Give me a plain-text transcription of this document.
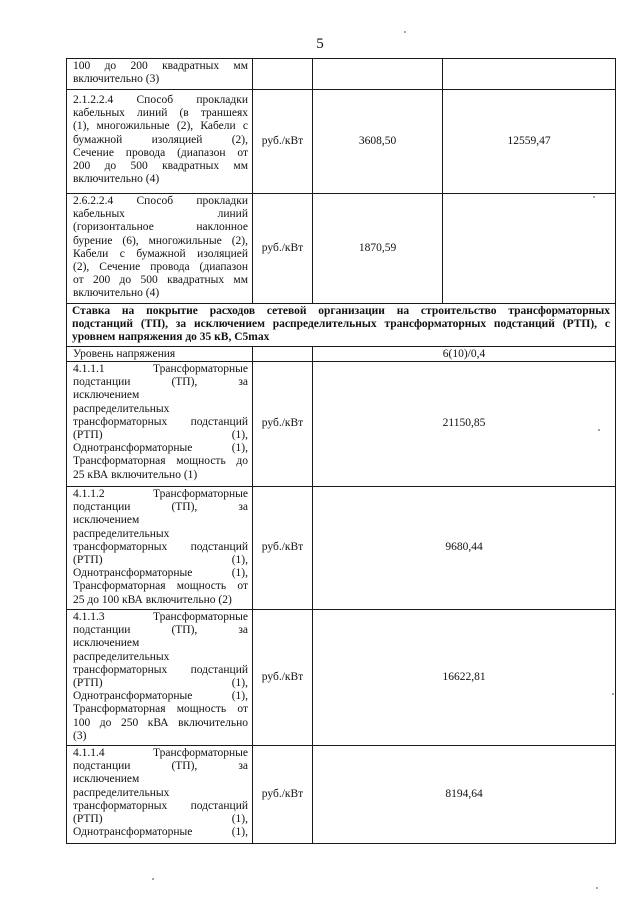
5
100 до 200 квадратных мм
включительно (3)
2.1.2.2.4 Способ прокладки
кабельных линий (в траншеях
(1), многожильные (2), Кабели с
бумажной изоляцией (2),
Сечение провода (диапазон от
200 до 500 квадратных мм
включительно (4)
руб./кВт	3608,50	12559,47
2.6.2.2.4 Способ прокладки
кабельных линий
(горизонтальное наклонное
бурение (6), многожильные (2),
Кабели с бумажной изоляцией
(2), Сечение провода (диапазон
от 200 до 500 квадратных мм
включительно (4)
руб./кВт	1870,59
Ставка на покрытие расходов сетевой организации на строительство трансформаторных
подстанций (ТП), за исключением распределительных трансформаторных подстанций (РТП), с
уровнем напряжения до 35 кВ, C5max
Уровень напряжения	6(10)/0,4
4.1.1.1 Трансформаторные
подстанции (ТП), за
исключением
распределительных
трансформаторных подстанций
(РТП) (1),
Однотрансформаторные (1),
Трансформаторная мощность до
25 кВА включительно (1)
руб./кВт	21150,85
4.1.1.2 Трансформаторные
подстанции (ТП), за
исключением
распределительных
трансформаторных подстанций
(РТП) (1),
Однотрансформаторные (1),
Трансформаторная мощность от
25 до 100 кВА включительно (2)
руб./кВт	9680,44
4.1.1.3 Трансформаторные
подстанции (ТП), за
исключением
распределительных
трансформаторных подстанций
(РТП) (1),
Однотрансформаторные (1),
Трансформаторная мощность от
100 до 250 кВА включительно
(3)
руб./кВт	16622,81
4.1.1.4 Трансформаторные
подстанции (ТП), за
исключением
распределительных
трансформаторных подстанций
(РТП) (1),
Однотрансформаторные (1),
руб./кВт	8194,64
